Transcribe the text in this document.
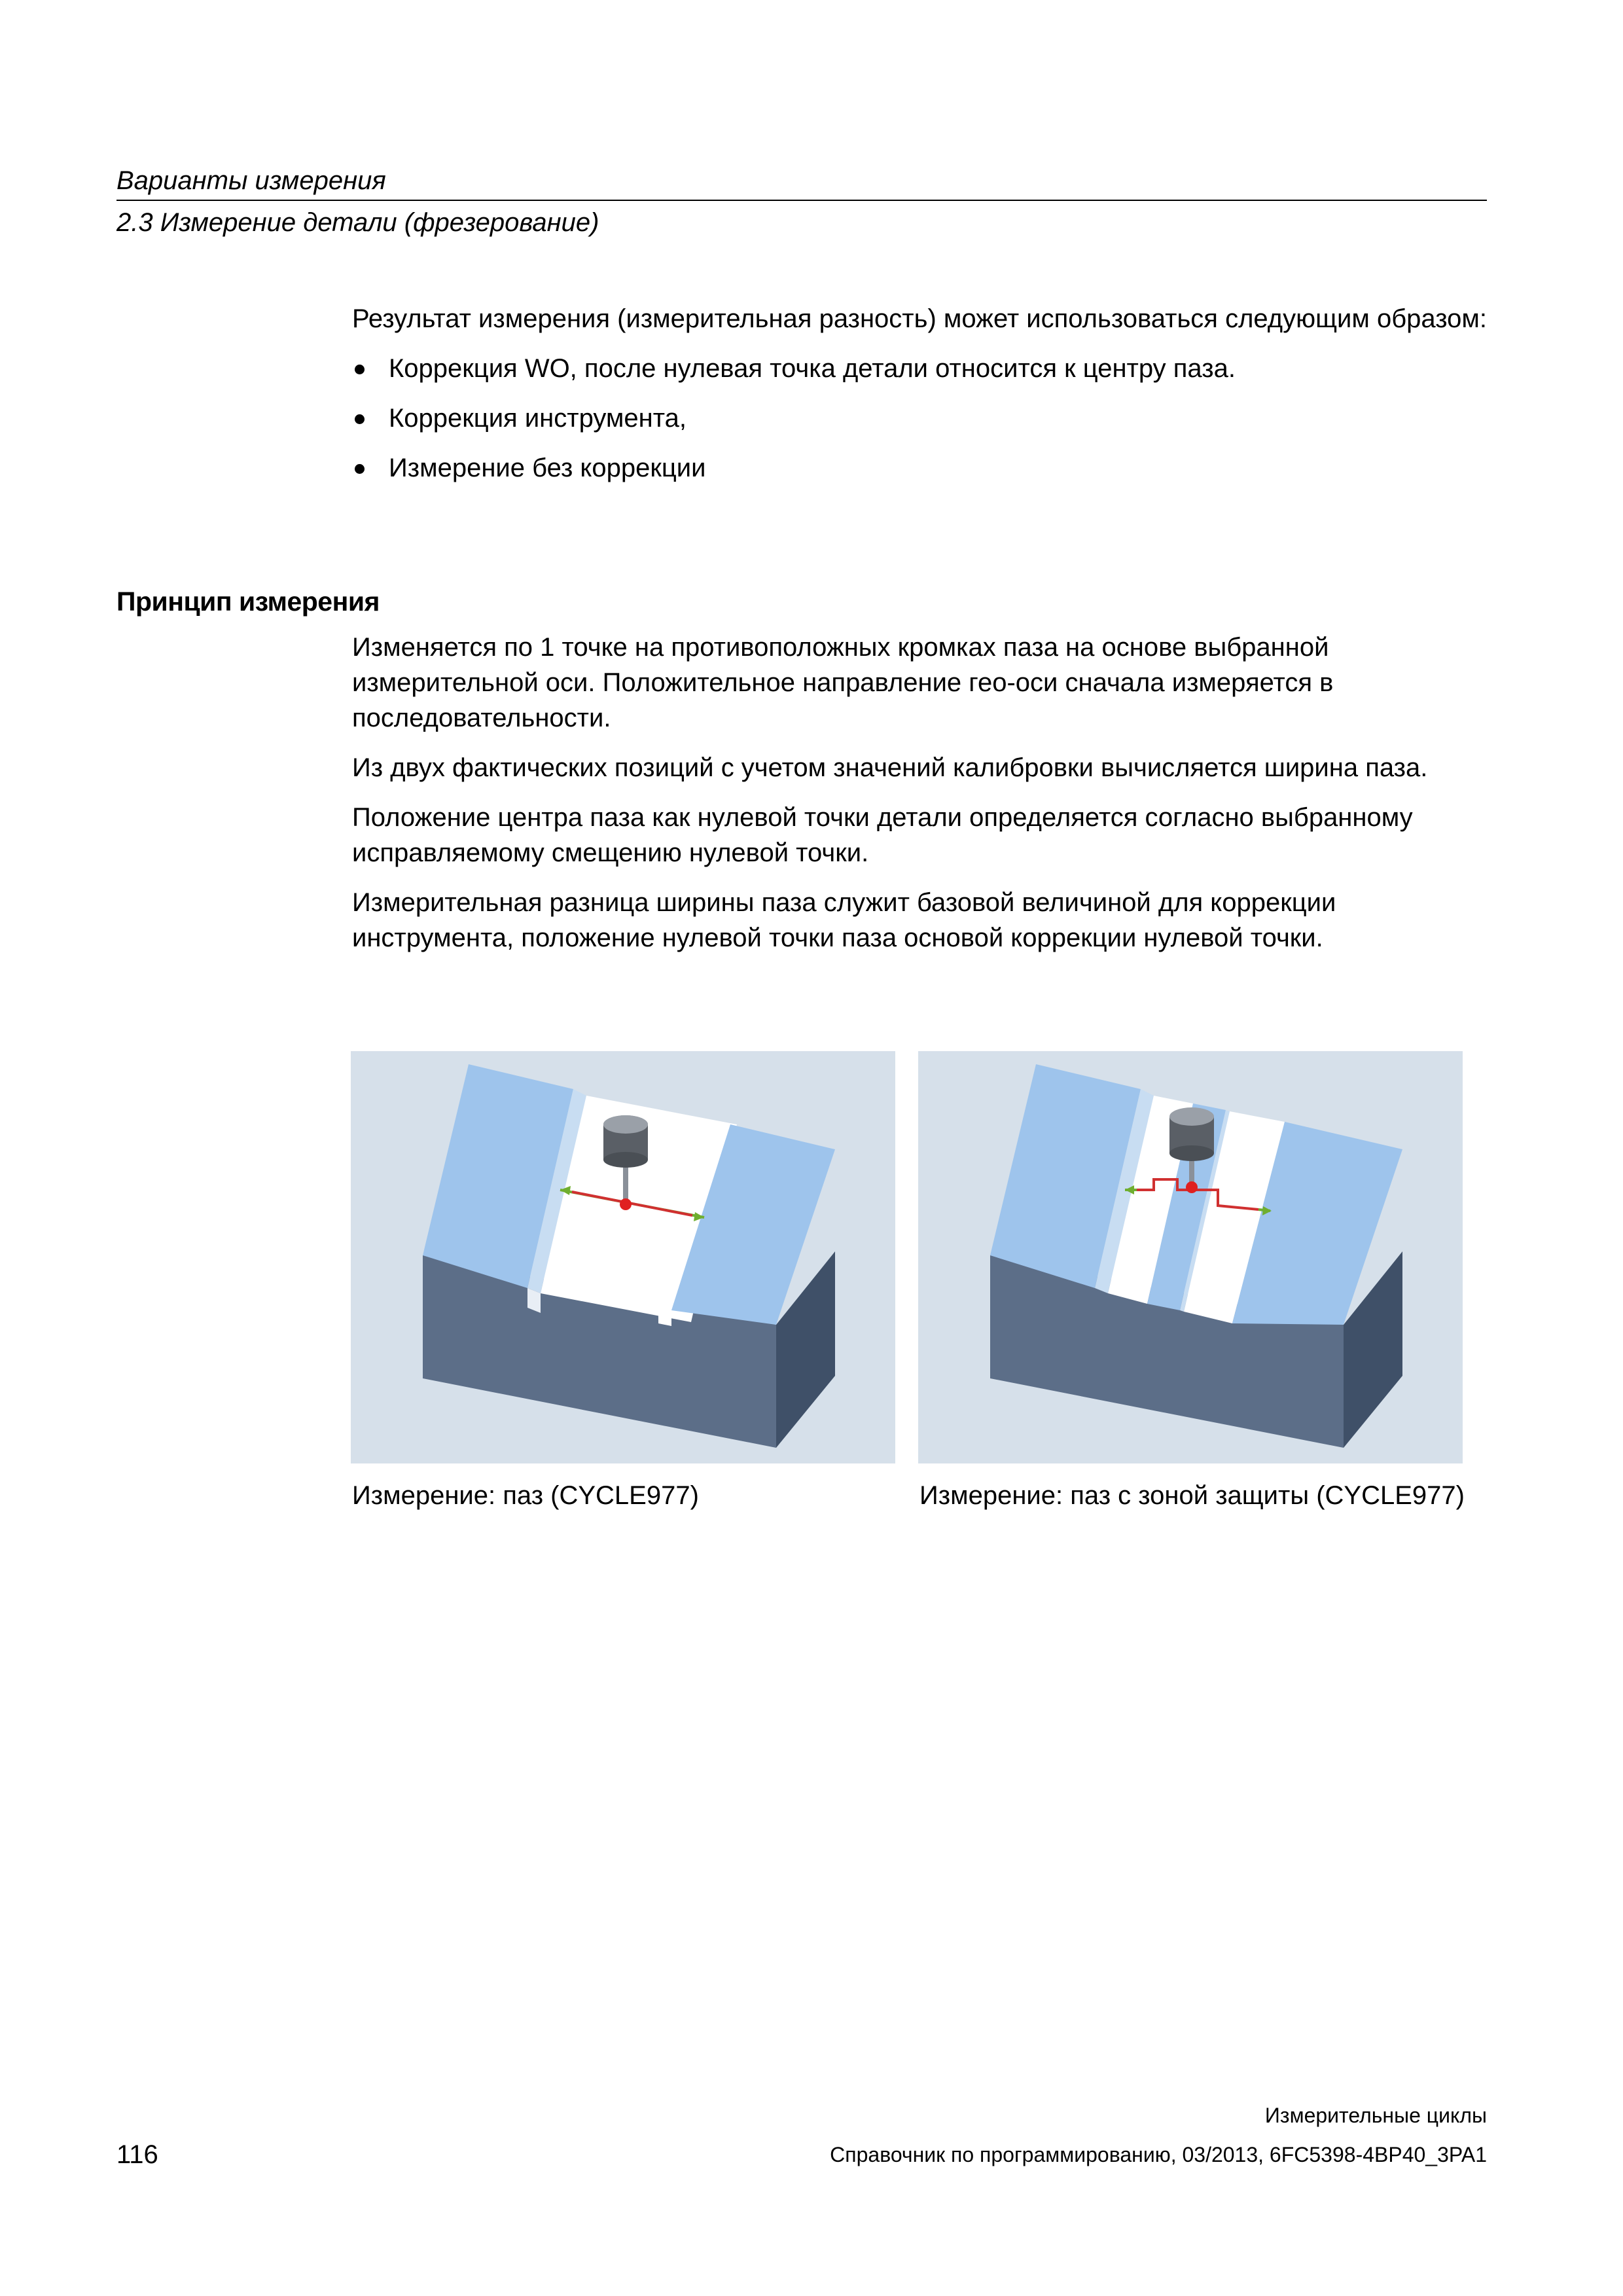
Варианты измерения
2.3 Измерение детали (фрезерование)

Результат измерения (измерительная разность) может использоваться следующим образом:

Коррекция WO, после нулевая точка детали относится к центру паза.
Коррекция инструмента,
Измерение без коррекции
Принцип измерения

Изменяется по 1 точке на противоположных кромках паза на основе выбранной измерительной оси. Положительное направление гео-оси сначала измеряется в последовательности.

Из двух фактических позиций с учетом значений калибровки вычисляется ширина паза.

Положение центра паза как нулевой точки детали определяется согласно выбранному исправляемому смещению нулевой точки.

Измерительная разница ширины паза служит базовой величиной для коррекции инструмента, положение нулевой точки паза основой коррекции нулевой точки.

Измерение: паз (CYCLE977)	Измерение: паз с зоной защиты (CYCLE977)
Измерительные циклы
116	Справочник по программированию, 03/2013, 6FC5398-4BP40_3PA1
